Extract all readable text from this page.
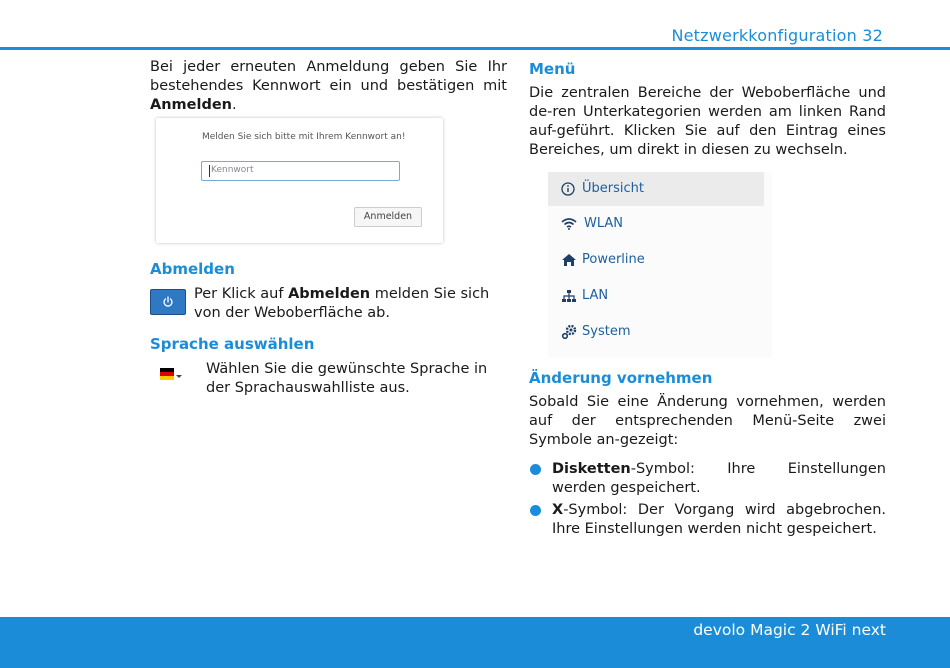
Netzwerkkonfiguration 32

Bei jeder erneuten Anmeldung geben Sie Ihr bestehendes Kennwort ein und bestätigen mit Anmelden.

Melden Sie sich bitte mit Ihrem Kennwort an!
Kennwort
Anmelden
Abmelden
Per Klick auf Abmelden melden Sie sich von der Weboberfläche ab.
Sprache auswählen
Wählen Sie die gewünschte Sprache in der Sprachauswahlliste aus.
Menü

Die zentralen Bereiche der Weboberfläche und de-ren Unterkategorien werden am linken Rand auf-geführt. Klicken Sie auf den Eintrag eines Bereiches, um direkt in diesen zu wechseln.

Übersicht
WLAN
Powerline
LAN
System
Änderung vornehmen

Sobald Sie eine Änderung vornehmen, werden auf der entsprechenden Menü-Seite zwei Symbole an-gezeigt:

Disketten-Symbol: Ihre Einstellungen werden gespeichert.
X-Symbol: Der Vorgang wird abgebrochen. Ihre Einstellungen werden nicht gespeichert.
devolo Magic 2 WiFi next
